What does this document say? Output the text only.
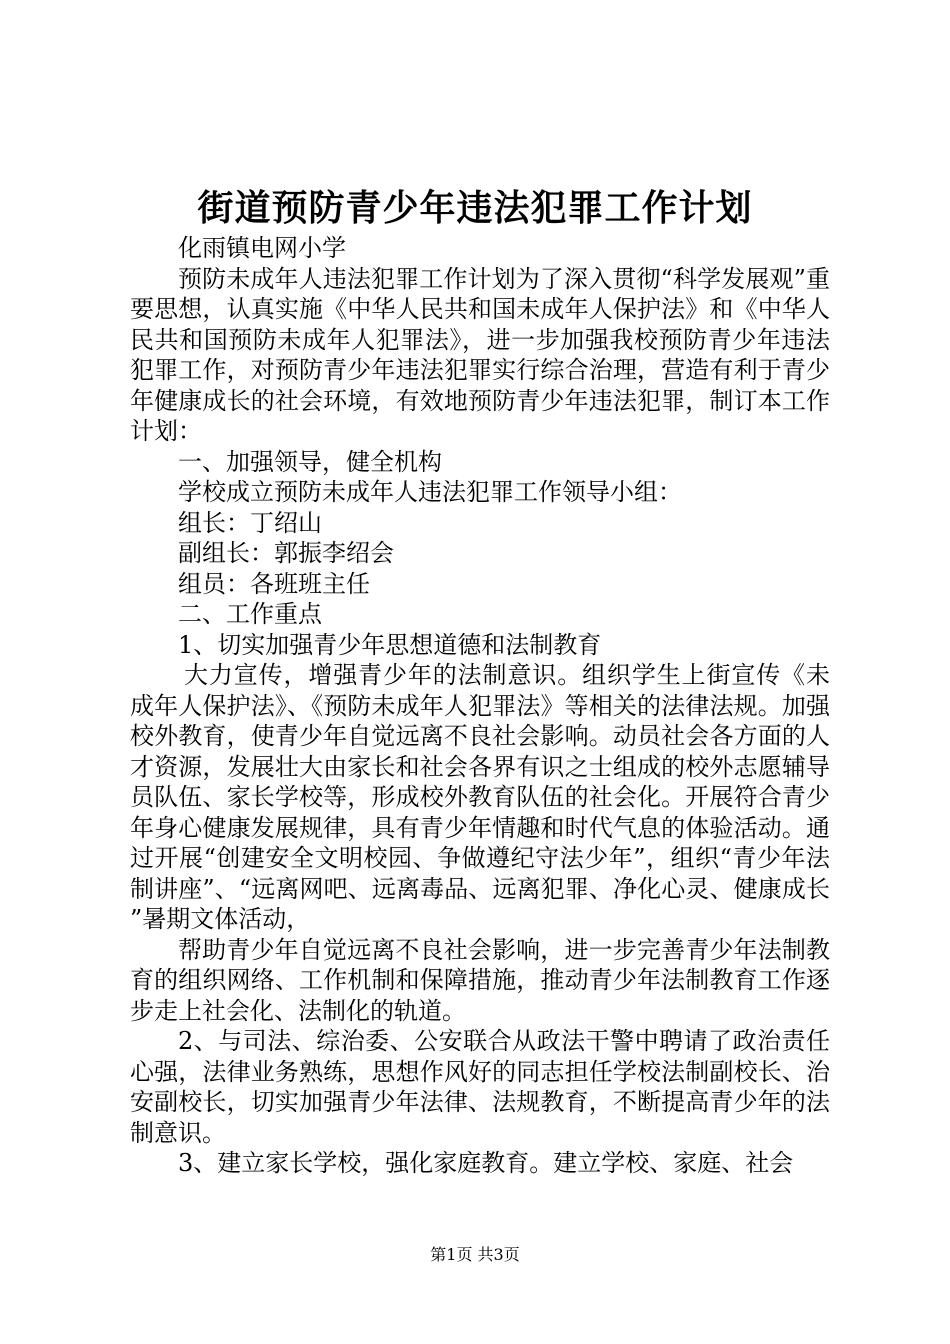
街道预防青少年违法犯罪工作计划

化雨镇电网小学

预防未成年人违法犯罪工作计划为了深入贯彻“科学发展观”重要思想，认真实施《中华人民共和国未成年人保护法》和《中华人民共和国预防未成年人犯罪法》，进一步加强我校预防青少年违法犯罪工作，对预防青少年违法犯罪实行综合治理，营造有利于青少年健康成长的社会环境，有效地预防青少年违法犯罪，制订本工作计划：

一、加强领导，健全机构

学校成立预防未成年人违法犯罪工作领导小组：

组长：丁绍山

副组长：郭振李绍会

组员：各班班主任

二、工作重点

1、切实加强青少年思想道德和法制教育

大力宣传，增强青少年的法制意识。组织学生上街宣传《未成年人保护法》、《预防未成年人犯罪法》等相关的法律法规。加强校外教育，使青少年自觉远离不良社会影响。动员社会各方面的人才资源，发展壮大由家长和社会各界有识之士组成的校外志愿辅导员队伍、家长学校等，形成校外教育队伍的社会化。开展符合青少年身心健康发展规律，具有青少年情趣和时代气息的体验活动。通过开展“创建安全文明校园、争做遵纪守法少年”，组织“青少年法制讲座”、“远离网吧、远离毒品、远离犯罪、净化心灵、健康成长”暑期文体活动，

帮助青少年自觉远离不良社会影响，进一步完善青少年法制教育的组织网络、工作机制和保障措施，推动青少年法制教育工作逐步走上社会化、法制化的轨道。

2、与司法、综治委、公安联合从政法干警中聘请了政治责任心强，法律业务熟练，思想作风好的同志担任学校法制副校长、治安副校长，切实加强青少年法律、法规教育，不断提高青少年的法制意识。

3、建立家长学校，强化家庭教育。建立学校、家庭、社会

第1页 共3页
